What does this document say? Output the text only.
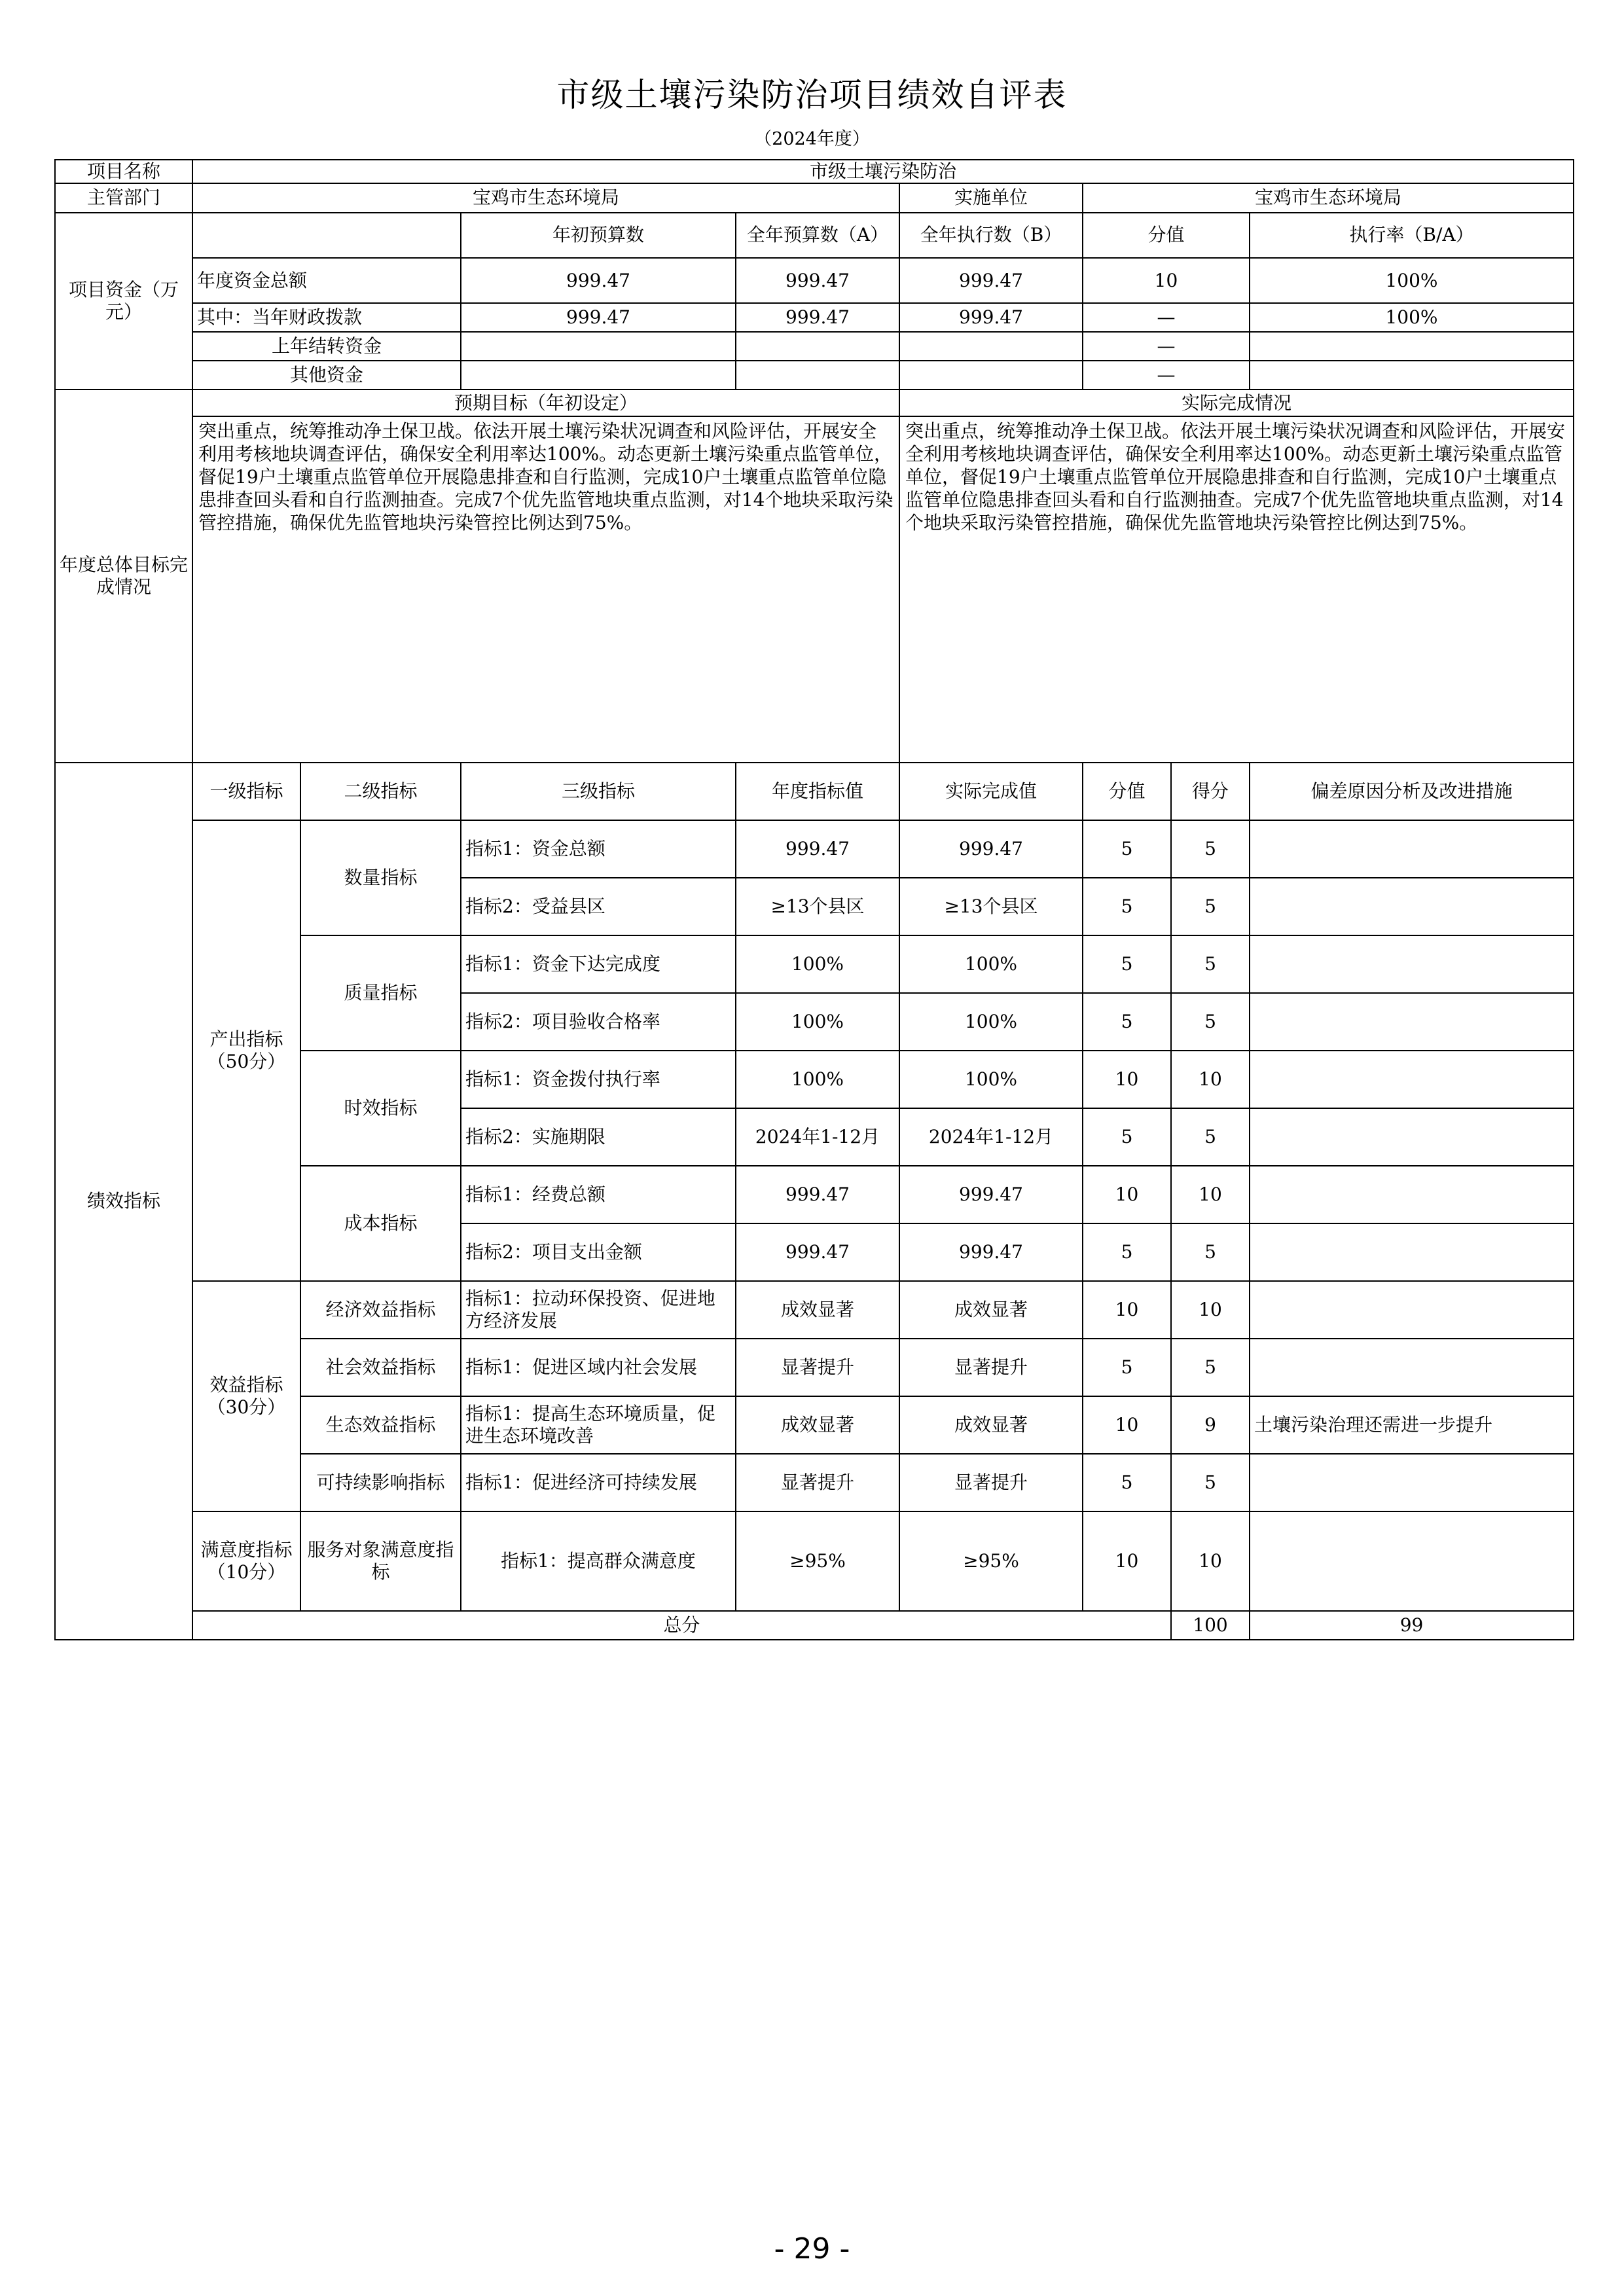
市级土壤污染防治项目绩效自评表
（2024年度）
项目名称	市级土壤污染防治								
主管部门	宝鸡市生态环境局				实施单位	宝鸡市生态环境局			
项目资金（万元）			年初预算数	全年预算数（A）	全年执行数（B）	分值		执行率（B/A）	
	年度资金总额		999.47	999.47	999.47	10		100%	
	其中：当年财政拨款		999.47	999.47	999.47	—		100%	
	上年结转资金					—		
	其他资金					—		
年度总体目标完成情况	预期目标（年初设定）				实际完成情况				
	突出重点，统筹推动净土保卫战。依法开展土壤污染状况调查和风险评估，开展安全利用考核地块调查评估，确保安全利用率达100%。动态更新土壤污染重点监管单位，督促19户土壤重点监管单位开展隐患排查和自行监测，完成10户土壤重点监管单位隐患排查回头看和自行监测抽查。完成7个优先监管地块重点监测，对14个地块采取污染管控措施，确保优先监管地块污染管控比例达到75%。				突出重点，统筹推动净土保卫战。依法开展土壤污染状况调查和风险评估，开展安全利用考核地块调查评估，确保安全利用率达100%。动态更新土壤污染重点监管单位，督促19户土壤重点监管单位开展隐患排查和自行监测，完成10户土壤重点监管单位隐患排查回头看和自行监测抽查。完成7个优先监管地块重点监测，对14个地块采取污染管控措施，确保优先监管地块污染管控比例达到75%。				
绩效指标	一级指标	二级指标	三级指标	年度指标值	实际完成值	分值	得分	偏差原因分析及改进措施	
	产出指标（50分）	数量指标	指标1：资金总额	999.47	999.47	5	5		
			指标2：受益县区	≥13个县区	≥13个县区	5	5		
		质量指标	指标1：资金下达完成度	100%	100%	5	5		
			指标2：项目验收合格率	100%	100%	5	5		
		时效指标	指标1：资金拨付执行率	100%	100%	10	10		
			指标2：实施期限	2024年1-12月	2024年1-12月	5	5		
		成本指标	指标1：经费总额	999.47	999.47	10	10		
			指标2：项目支出金额	999.47	999.47	5	5		
	效益指标（30分）	经济效益指标	指标1：拉动环保投资、促进地方经济发展	成效显著	成效显著	10	10		
		社会效益指标	指标1：促进区域内社会发展	显著提升	显著提升	5	5		
		生态效益指标	指标1：提高生态环境质量，促进生态环境改善	成效显著	成效显著	10	9	土壤污染治理还需进一步提升	
		可持续影响指标	指标1：促进经济可持续发展	显著提升	显著提升	5	5		
	满意度指标（10分）	服务对象满意度指标	指标1：提高群众满意度	≥95%	≥95%	10	10		
	总分						100	99	
- 29 -
